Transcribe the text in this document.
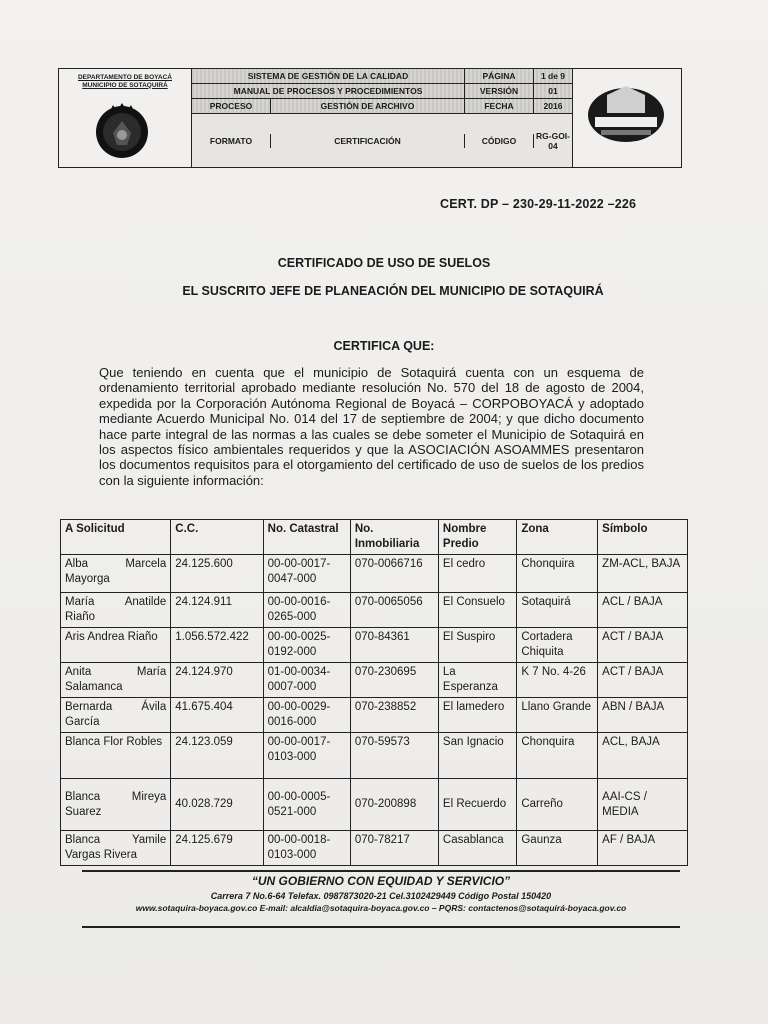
DEPARTAMENTO DE BOYACÁ MUNICIPIO DE SOTAQUIRÁ
SISTEMA DE GESTIÓN DE LA CALIDAD	PÁGINA	1 de 9
MANUAL DE PROCESOS Y PROCEDIMIENTOS	VERSIÓN	01
PROCESO	GESTIÓN DE ARCHIVO	FECHA	2016
FORMATO	CERTIFICACIÓN	CÓDIGO	RG-GOI-04
CERT. DP – 230-29-11-2022 –226
CERTIFICADO DE USO DE SUELOS
EL SUSCRITO JEFE DE PLANEACIÓN DEL MUNICIPIO DE SOTAQUIRÁ
CERTIFICA QUE:
Que teniendo en cuenta que el municipio de Sotaquirá cuenta con un esquema de ordenamiento territorial aprobado mediante resolución No. 570 del 18 de agosto de 2004, expedida por la Corporación Autónoma Regional de Boyacá – CORPOBOYACÁ y adoptado mediante Acuerdo Municipal No. 014 del 17 de septiembre de 2004; y que dicho documento hace parte integral de las normas a las cuales se debe someter el Municipio de Sotaquirá en los aspectos físico ambientales requeridos y que la ASOCIACIÓN ASOAMMES presentaron los documentos requisitos para el otorgamiento del certificado de uso de suelos de los predios con la siguiente información:
A Solicitud	C.C.	No. Catastral	No. Inmobiliaria	Nombre Predio	Zona	Símbolo
Alba Marcela Mayorga	24.125.600	00-00-0017-0047-000	070-0066716	El cedro	Chonquira	ZM-ACL, BAJA
María Anatilde Riaño	24.124.911	00-00-0016-0265-000	070-0065056	El Consuelo	Sotaquirá	ACL / BAJA
Aris Andrea Riaño	1.056.572.422	00-00-0025-0192-000	070-84361	El Suspiro	Cortadera Chiquita	ACT / BAJA
Anita María Salamanca	24.124.970	01-00-0034-0007-000	070-230695	La Esperanza	K 7 No. 4-26	ACT / BAJA
Bernarda Ávila García	41.675.404	00-00-0029-0016-000	070-238852	El lamedero	Llano Grande	ABN / BAJA
Blanca Flor Robles	24.123.059	00-00-0017-0103-000	070-59573	San Ignacio	Chonquira	ACL, BAJA
Blanca Mireya Suarez	40.028.729	00-00-0005-0521-000	070-200898	El Recuerdo	Carreño	AAI-CS / MEDIA
Blanca Yamile Vargas Rivera	24.125.679	00-00-0018-0103-000	070-78217	Casablanca	Gaunza	AF / BAJA
“UN GOBIERNO CON EQUIDAD Y SERVICIO”
Carrera 7 No.6-64 Telefax. 0987873020-21 Cel.3102429449 Código Postal 150420
www.sotaquira-boyaca.gov.co E-mail: alcaldia@sotaquira-boyaca.gov.co – PQRS: contactenos@sotaquirá-boyaca.gov.co
